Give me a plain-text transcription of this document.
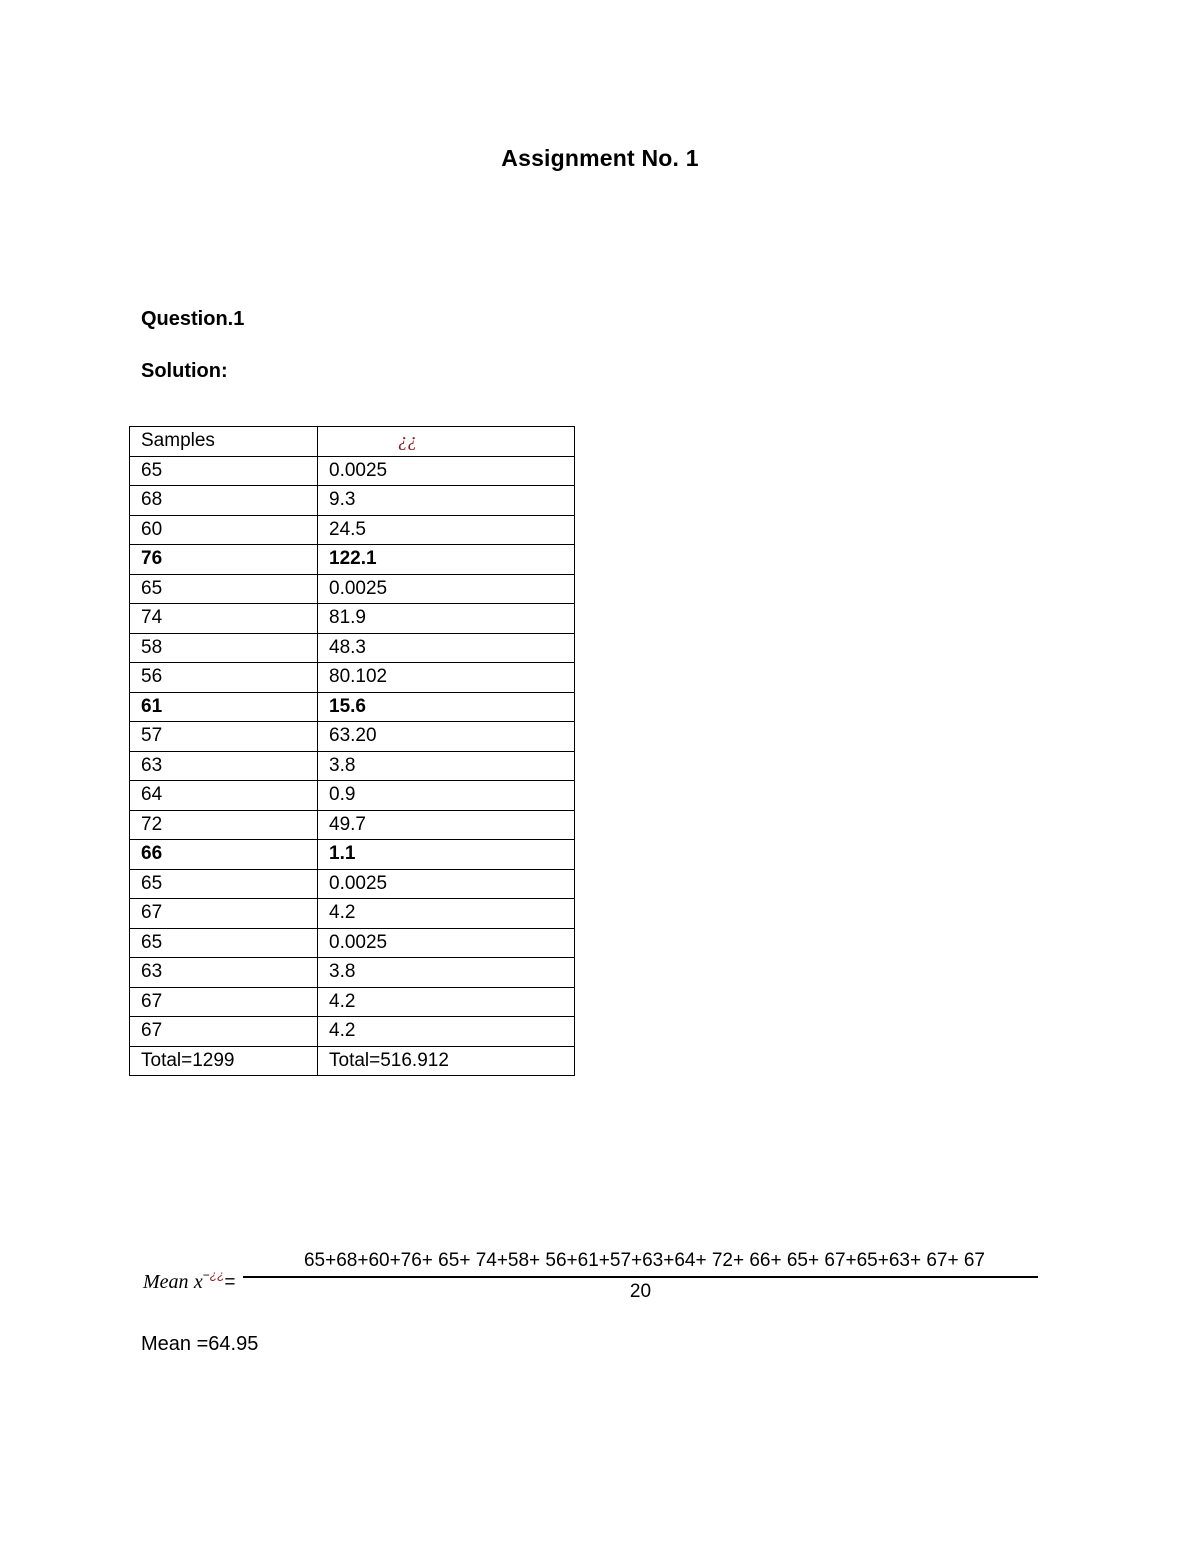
Assignment No. 1
Question.1
Solution:
Samples	¿¿
65	0.0025
68	9.3
60	24.5
76	122.1
65	0.0025
74	81.9
58	48.3
56	80.102
61	15.6
57	63.20
63	3.8
64	0.9
72	49.7
66	1.1
65	0.0025
67	4.2
65	0.0025
63	3.8
67	4.2
67	4.2
Total=1299	Total=516.912
Mean x−¿¿=
65+68+60+76+ 65+ 74+58+ 56+61+57+63+64+ 72+ 66+ 65+ 67+65+63+ 67+ 67
20
Mean =64.95
